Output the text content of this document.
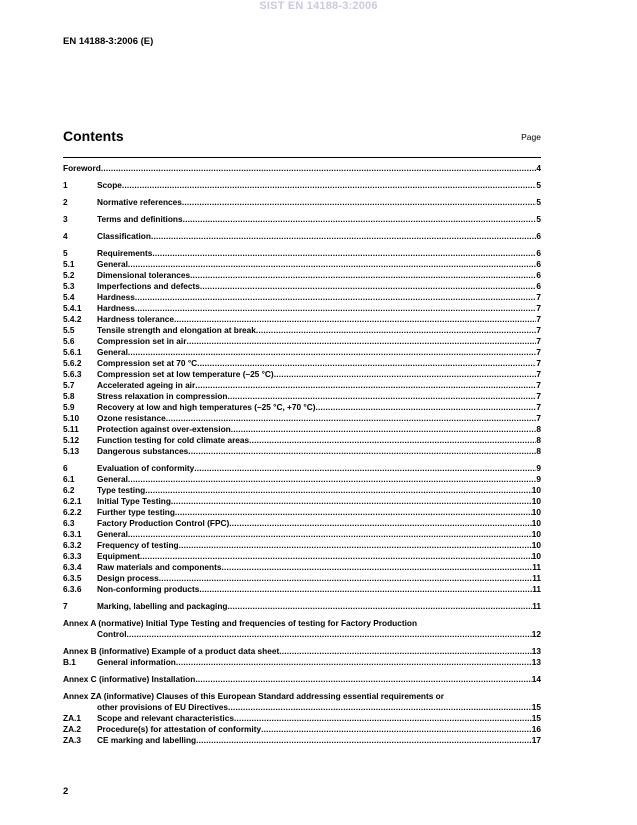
SIST EN 14188-3:2006
EN 14188-3:2006 (E)
Contents	Page
Foreword .....	4
1	Scope .....	5
2	Normative references .....	5
3	Terms and definitions .....	5
4	Classification .....	6
5	Requirements .....	6
5.1	General .....	6
5.2	Dimensional tolerances .....	6
5.3	Imperfections and defects .....	6
5.4	Hardness .....	7
5.4.1	Hardness .....	7
5.4.2	Hardness tolerance .....	7
5.5	Tensile strength and elongation at break .....	7
5.6	Compression set in air .....	7
5.6.1	General .....	7
5.6.2	Compression set at 70 °C .....	7
5.6.3	Compression set at low temperature (–25 °C) .....	7
5.7	Accelerated ageing in air .....	7
5.8	Stress relaxation in compression .....	7
5.9	Recovery at low and high temperatures (–25 °C, +70 °C) .....	7
5.10	Ozone resistance .....	7
5.11	Protection against over-extension .....	8
5.12	Function testing for cold climate areas .....	8
5.13	Dangerous substances .....	8
6	Evaluation of conformity .....	9
6.1	General .....	9
6.2	Type testing .....	10
6.2.1	Initial Type Testing .....	10
6.2.2	Further type testing .....	10
6.3	Factory Production Control (FPC) .....	10
6.3.1	General .....	10
6.3.2	Frequency of testing .....	10
6.3.3	Equipment .....	10
6.3.4	Raw materials and components .....	11
6.3.5	Design process .....	11
6.3.6	Non-conforming products .....	11
7	Marking, labelling and packaging .....	11
Annex A (normative) Initial Type Testing and frequencies of testing for Factory Production
Control .....	12
Annex B (informative) Example of a product data sheet .....	13
B.1	General information .....	13
Annex C (informative) Installation .....	14
Annex ZA (informative) Clauses of this European Standard addressing essential requirements or
other provisions of EU Directives .....	15
ZA.1	Scope and relevant characteristics .....	15
ZA.2	Procedure(s) for attestation of conformity .....	16
ZA.3	CE marking and labelling .....	17
2
